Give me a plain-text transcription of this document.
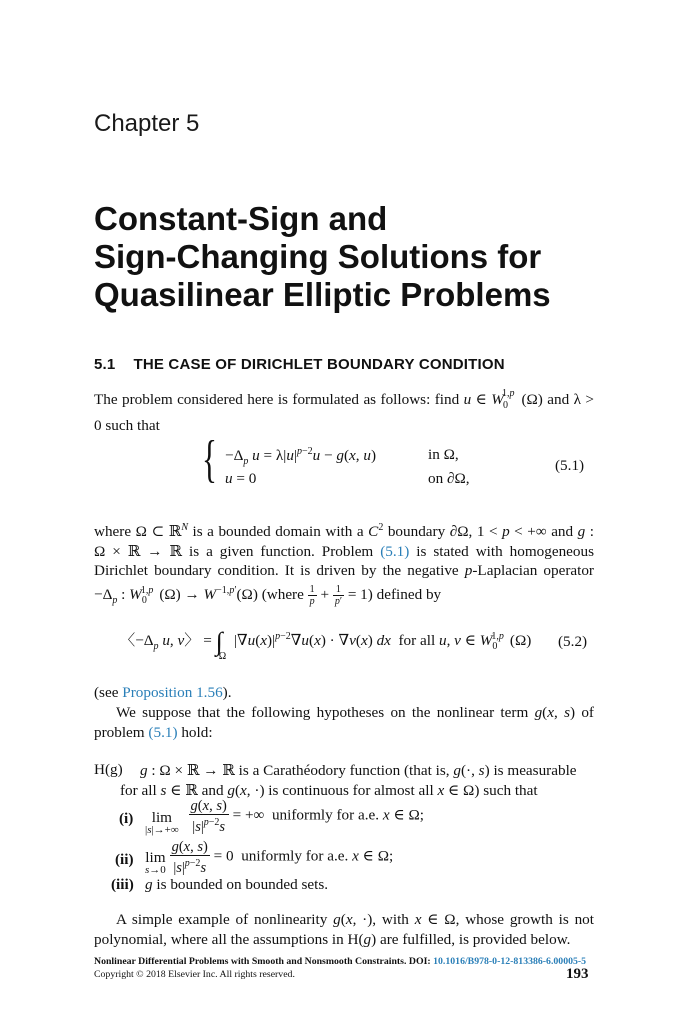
Chapter 5
Constant-Sign and
Sign-Changing Solutions for
Quasilinear Elliptic Problems
5.1 THE CASE OF DIRICHLET BOUNDARY CONDITION
The problem considered here is formulated as follows: find u ∈ $W_0^{1,p}$ (Ω) and λ > 0 such that
{ $-\Delta_p$ $u = \lambda|u|^{p-2}u - g(x$, u)	in Ω,
u = 0	on ∂Ω,
(5.1)
where Ω ⊂ ℝ$^N$ is a bounded domain with a $C^2$ boundary ∂Ω, 1 < p < +∞ and g : Ω × ℝ → ℝ is a given function. Problem (5.1) is stated with homogeneous Dirichlet boundary condition. It is driven by the negative p-Laplacian operator $-\Delta_p$ : $W_0^{1,p}$ $(\Omega) \to W^{-1,p'}(\Omega)$ (where $\frac{1}{p} + \frac{1}{p'} = 1$) defined by
〈$-\Delta_p$ u, v〉 = $\int_\Omega$ $|\nabla u(x)|^{p-2}\nabla u(x) \cdot \nabla v(x)$ dx  for all u, v ∈ $W_0^{1,p}$ (Ω) (5.2)
(see Proposition 1.56).
We suppose that the following hypotheses on the nonlinear term g(x, s) of problem (5.1) hold:
H(g) g : Ω × ℝ → ℝ is a Carathéodory function (that is, g(·, s) is measurable
for all s ∈ ℝ and g(x, ·) is continuous for almost all x ∈ Ω) such that
(i)	lim
|s|→+∞
$\frac{g(x, s)}{|s|^{p-2}s}$ = +∞  uniformly for a.e. x ∈ Ω;
(ii) lim
s→0
$\frac{g(x, s)}{|s|^{p-2}s} = 0$  uniformly for a.e. x ∈ Ω;
(iii) g is bounded on bounded sets.
A simple example of nonlinearity g(x, ·), with x ∈ Ω, whose growth is not polynomial, where all the assumptions in H(g) are fulfilled, is provided below.
Nonlinear Differential Problems with Smooth and Nonsmooth Constraints. DOI: 10.1016/B978-0-12-813386-6.00005-5
Copyright © 2018 Elsevier Inc. All rights reserved.	193
